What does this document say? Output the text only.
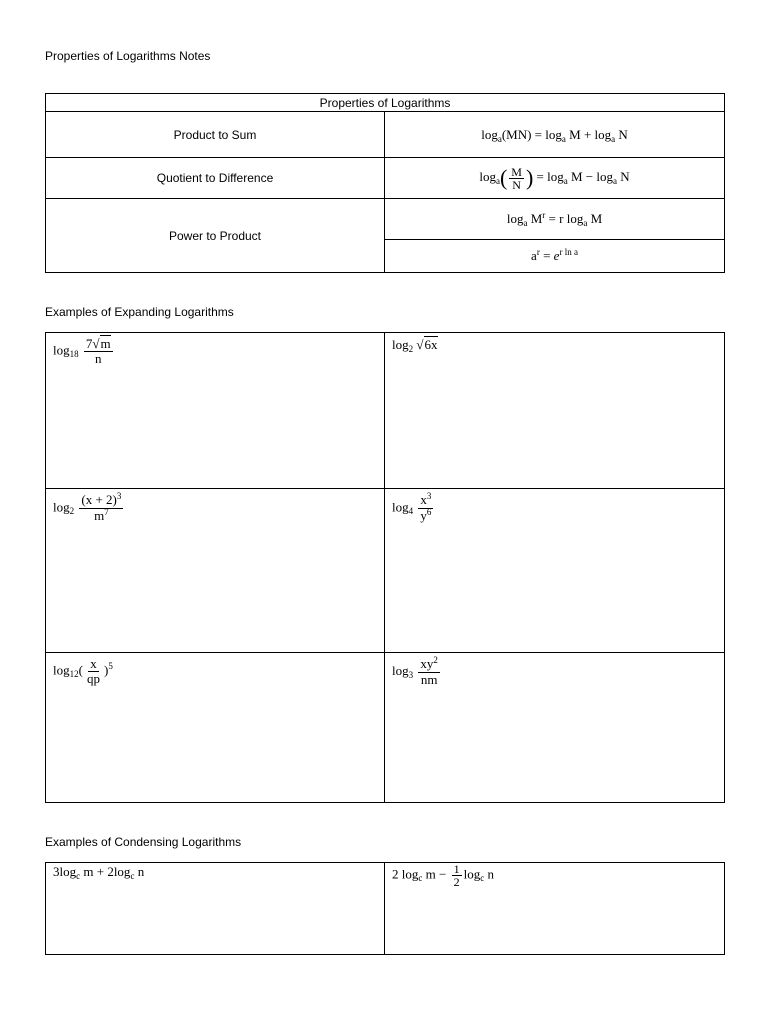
Properties of Logarithms Notes
Properties of Logarithms	
Product to Sum	$\log_a(MN) = \log_a M + \log_a N$
Quotient to Difference	$\log_a( \frac{M}{N}$ ) = $\log_a M - \log_a N$
Power to Product	$\log_a M^r = r$ $\log_a M$
	$a^r = e^{r ln a}$
Examples of Expanding Logarithms
$\log_{18} \frac{7√m}{n}$	$\log_2 √6x$

$\log_2 \frac{(x + 2)^3}{m^7}$	$\log_4 \frac{x^3}{y^6}$

$\log_{12}( \frac{x}{qp} )^5$	$\log_3 \frac{xy^2}{nm}$
Examples of Condensing Logarithms
$3\log_c$ $m + 2\log_c$ n	2 $\log_c m - \frac{1}{2} \log_c n$
